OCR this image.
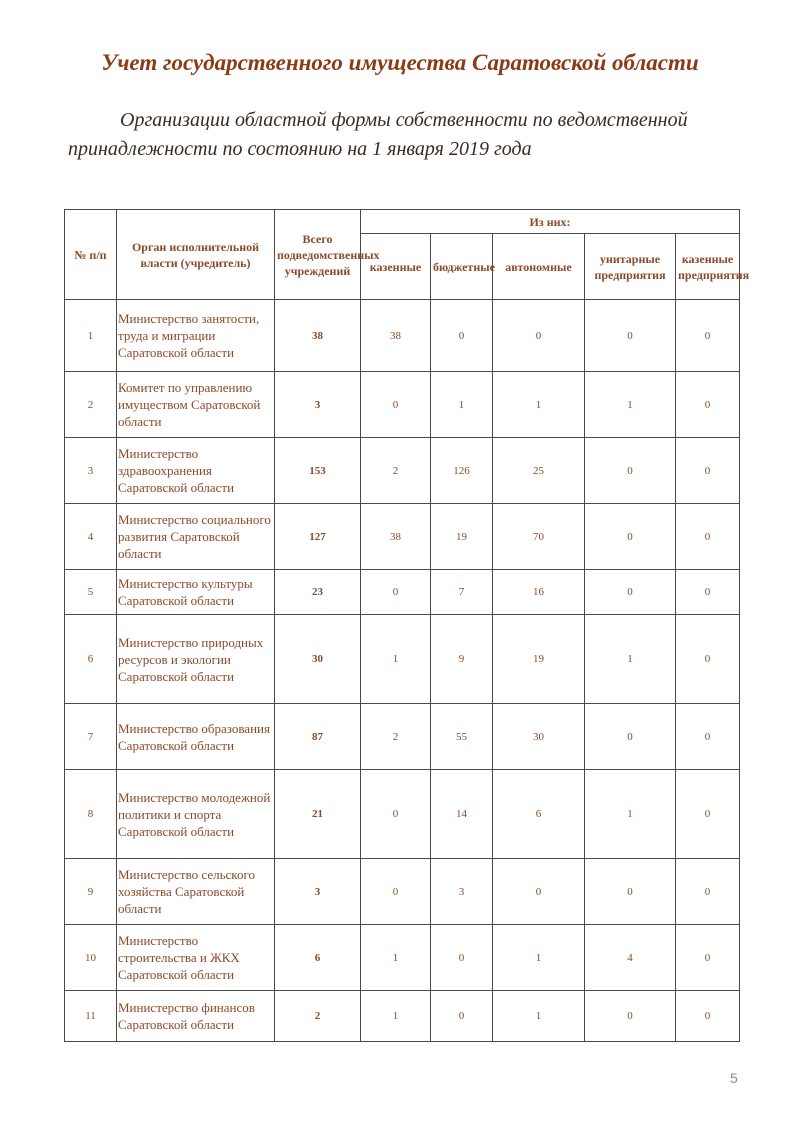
Учет государственного имущества Саратовской области

Организации областной формы собственности по ведомственной принадлежности по состоянию на 1 января 2019 года

№ п/п	Орган исполнительной власти (учредитель)	Всего подведомственных учреждений	Из них:				
			казенные	бюджетные	автономные	унитарные предприятия	казенные предприятия
1	Министерство занятости, труда и миграции Саратовской области	38	38	0	0	0	0
2	Комитет по управлению имуществом Саратовской области	3	0	1	1	1	0
3	Министерство здравоохранения Саратовской области	153	2	126	25	0	0
4	Министерство социального развития Саратовской области	127	38	19	70	0	0
5	Министерство культуры Саратовской области	23	0	7	16	0	0
6	Министерство природных ресурсов и экологии Саратовской области	30	1	9	19	1	0
7	Министерство образования Саратовской области	87	2	55	30	0	0
8	Министерство молодежной политики и спорта Саратовской области	21	0	14	6	1	0
9	Министерство сельского хозяйства Саратовской области	3	0	3	0	0	0
10	Министерство строительства и ЖКХ Саратовской области	6	1	0	1	4	0
11	Министерство финансов Саратовской области	2	1	0	1	0	0
5
